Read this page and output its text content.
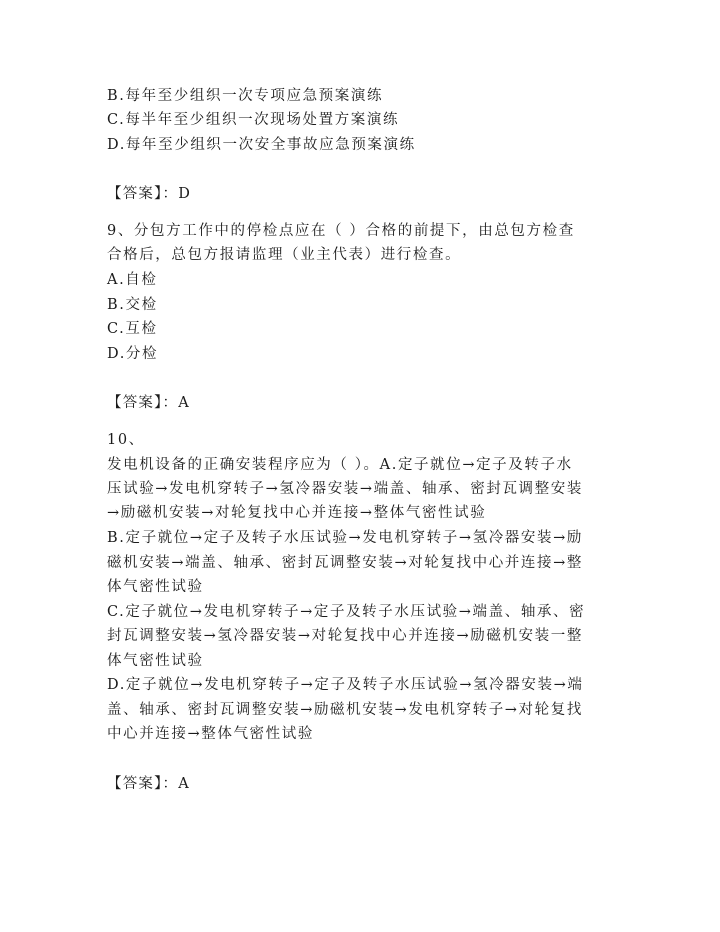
B.每年至少组织一次专项应急预案演练
C.每半年至少组织一次现场处置方案演练
D.每年至少组织一次安全事故应急预案演练
【答案】：D
9、分包方工作中的停检点应在（ ）合格的前提下，由总包方检查
合格后，总包方报请监理（业主代表）进行检查。
A.自检
B.交检
C.互检
D.分检
【答案】：A
10、
发电机设备的正确安装程序应为（ ）。A.定子就位→定子及转子水
压试验→发电机穿转子→氢冷器安装→端盖、轴承、密封瓦调整安装
→励磁机安装→对轮复找中心并连接→整体气密性试验
B.定子就位→定子及转子水压试验→发电机穿转子→氢冷器安装→励
磁机安装→端盖、轴承、密封瓦调整安装→对轮复找中心并连接→整
体气密性试验
C.定子就位→发电机穿转子→定子及转子水压试验→端盖、轴承、密
封瓦调整安装→氢冷器安装→对轮复找中心并连接→励磁机安装一整
体气密性试验
D.定子就位→发电机穿转子→定子及转子水压试验→氢冷器安装→端
盖、轴承、密封瓦调整安装→励磁机安装→发电机穿转子→对轮复找
中心并连接→整体气密性试验
【答案】：A
